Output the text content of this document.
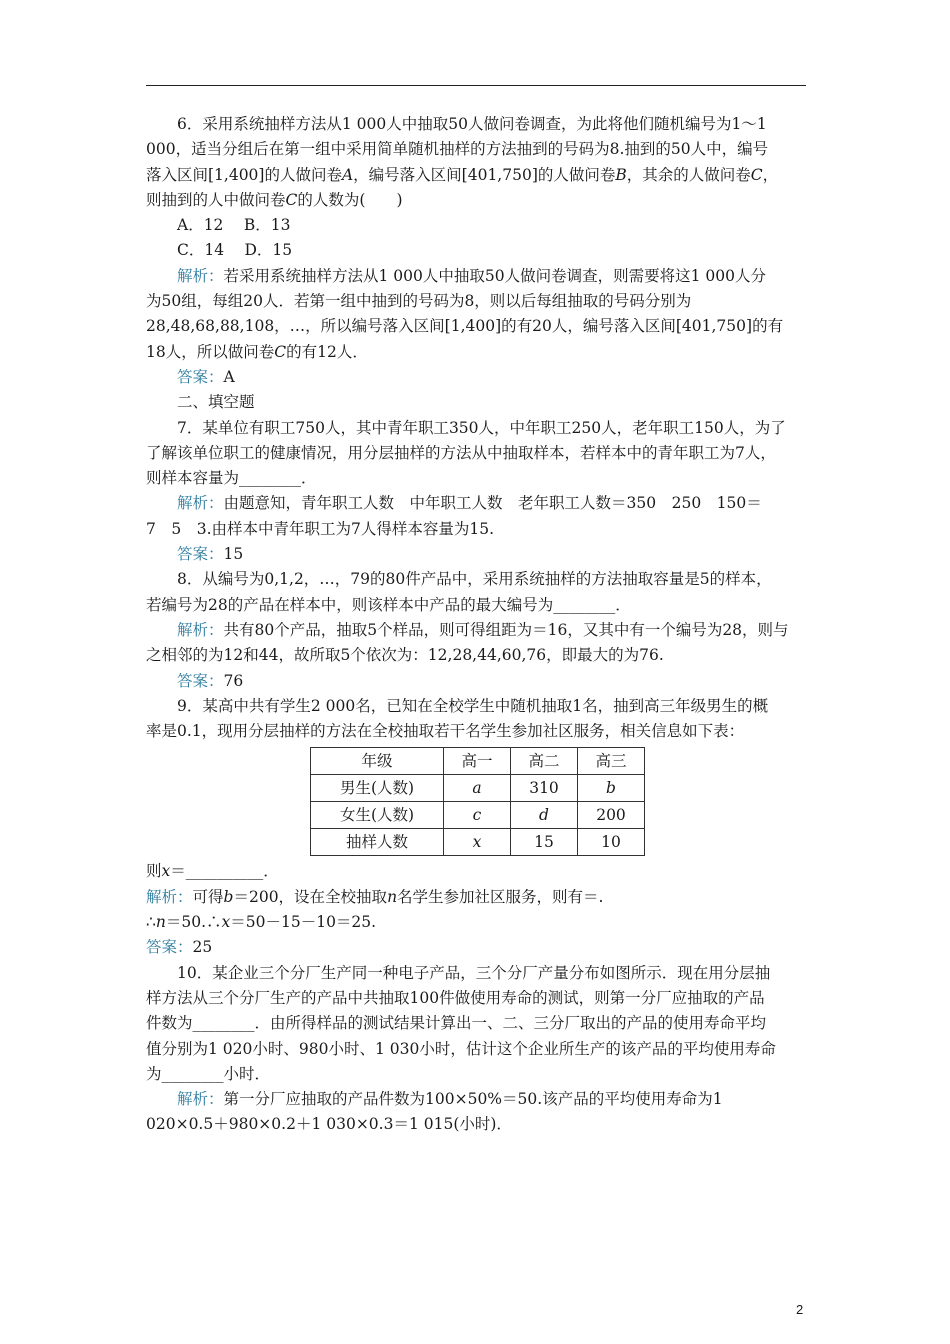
6．采用系统抽样方法从1 000人中抽取50人做问卷调查，为此将他们随机编号为1～1

000，适当分组后在第一组中采用简单随机抽样的方法抽到的号码为8.抽到的50人中，编号

落入区间[1,400]的人做问卷A，编号落入区间[401,750]的人做问卷B，其余的人做问卷C，

则抽到的人中做问卷C的人数为(　　)

A．12　 B．13

C．14　 D．15

解析：若采用系统抽样方法从1 000人中抽取50人做问卷调查，则需要将这1 000人分

为50组，每组20人．若第一组中抽到的号码为8，则以后每组抽取的号码分别为

28,48,68,88,108，…，所以编号落入区间[1,400]的有20人，编号落入区间[401,750]的有

18人，所以做问卷C的有12人．

答案：A

二、填空题

7．某单位有职工750人，其中青年职工350人，中年职工250人，老年职工150人，为了

了解该单位职工的健康情况，用分层抽样的方法从中抽取样本，若样本中的青年职工为7人，

则样本容量为________．

解析：由题意知，青年职工人数　中年职工人数　老年职工人数＝350　250　150＝

7　5　3.由样本中青年职工为7人得样本容量为15.

答案：15

8．从编号为0,1,2，…，79的80件产品中，采用系统抽样的方法抽取容量是5的样本，

若编号为28的产品在样本中，则该样本中产品的最大编号为________．

解析：共有80个产品，抽取5个样品，则可得组距为＝16，又其中有一个编号为28，则与

之相邻的为12和44，故所取5个依次为：12,28,44,60,76，即最大的为76.

答案：76

9．某高中共有学生2 000名，已知在全校学生中随机抽取1名，抽到高三年级男生的概

率是0.1，现用分层抽样的方法在全校抽取若干名学生参加社区服务，相关信息如下表：

年级	高一	高二	高三
男生(人数)	a	310	b
女生(人数)	c	d	200
抽样人数	x	15	10

则x＝__________．

解析：可得b＝200，设在全校抽取n名学生参加社区服务，则有＝.

∴n＝50.∴x＝50－15－10＝25.

答案：25

10．某企业三个分厂生产同一种电子产品，三个分厂产量分布如图所示．现在用分层抽

样方法从三个分厂生产的产品中共抽取100件做使用寿命的测试，则第一分厂应抽取的产品

件数为________．由所得样品的测试结果计算出一、二、三分厂取出的产品的使用寿命平均

值分别为1 020小时、980小时、1 030小时，估计这个企业所生产的该产品的平均使用寿命

为________小时．

解析：第一分厂应抽取的产品件数为100×50%＝50.该产品的平均使用寿命为1

020×0.5＋980×0.2＋1 030×0.3＝1 015(小时)．

2
